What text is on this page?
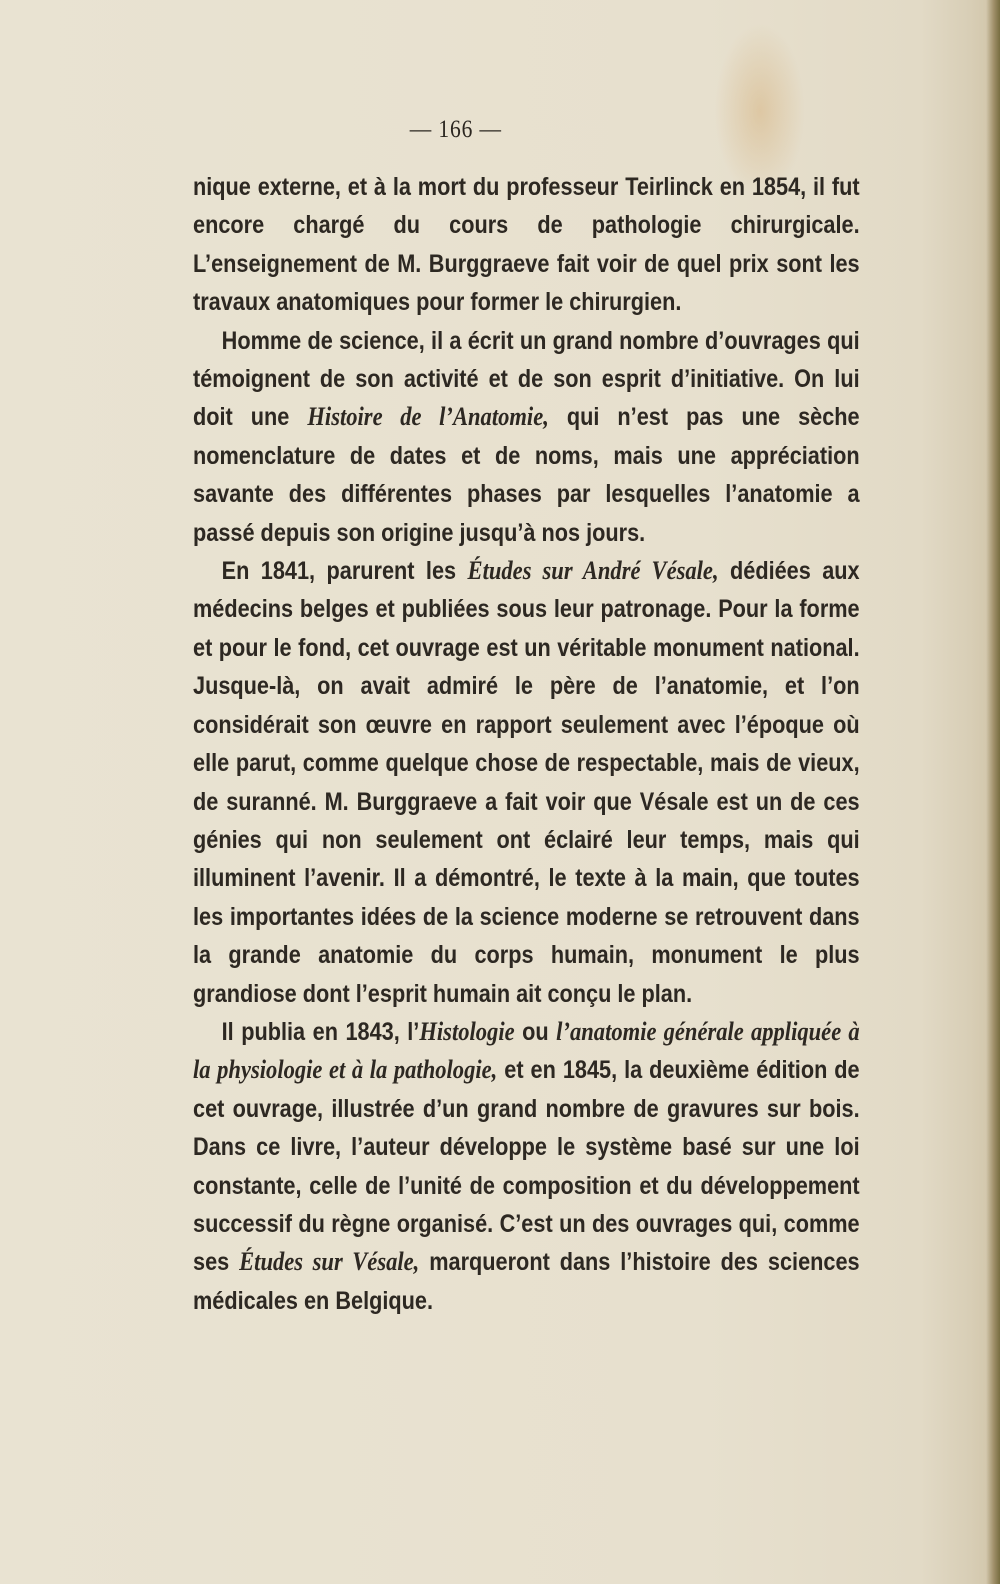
— 166 —

nique externe, et à la mort du professeur Teirlinck en 1854, il fut encore chargé du cours de pathologie chirurgicale. L’enseignement de M. Burggraeve fait voir de quel prix sont les travaux anatomiques pour former le chirurgien.

Homme de science, il a écrit un grand nombre d’ouvrages qui témoignent de son activité et de son esprit d’initiative. On lui doit une Histoire de l’Anatomie, qui n’est pas une sèche nomenclature de dates et de noms, mais une appréciation savante des différentes phases par lesquelles l’anatomie a passé depuis son origine jusqu’à nos jours.

En 1841, parurent les Études sur André Vésale, dédiées aux médecins belges et publiées sous leur patronage. Pour la forme et pour le fond, cet ouvrage est un véritable monument national. Jusque-là, on avait admiré le père de l’anatomie, et l’on considérait son œuvre en rapport seulement avec l’époque où elle parut, comme quelque chose de respectable, mais de vieux, de suranné. M. Burggraeve a fait voir que Vésale est un de ces génies qui non seulement ont éclairé leur temps, mais qui illuminent l’avenir. Il a démontré, le texte à la main, que toutes les importantes idées de la science moderne se retrouvent dans la grande anatomie du corps humain, monument le plus grandiose dont l’esprit humain ait conçu le plan.

Il publia en 1843, l’Histologie ou l’anatomie générale appliquée à la physiologie et à la pathologie, et en 1845, la deuxième édition de cet ouvrage, illustrée d’un grand nombre de gravures sur bois. Dans ce livre, l’auteur développe le système basé sur une loi constante, celle de l’unité de composition et du développement successif du règne organisé. C’est un des ouvrages qui, comme ses Études sur Vésale, marqueront dans l’histoire des sciences médicales en Belgique.
